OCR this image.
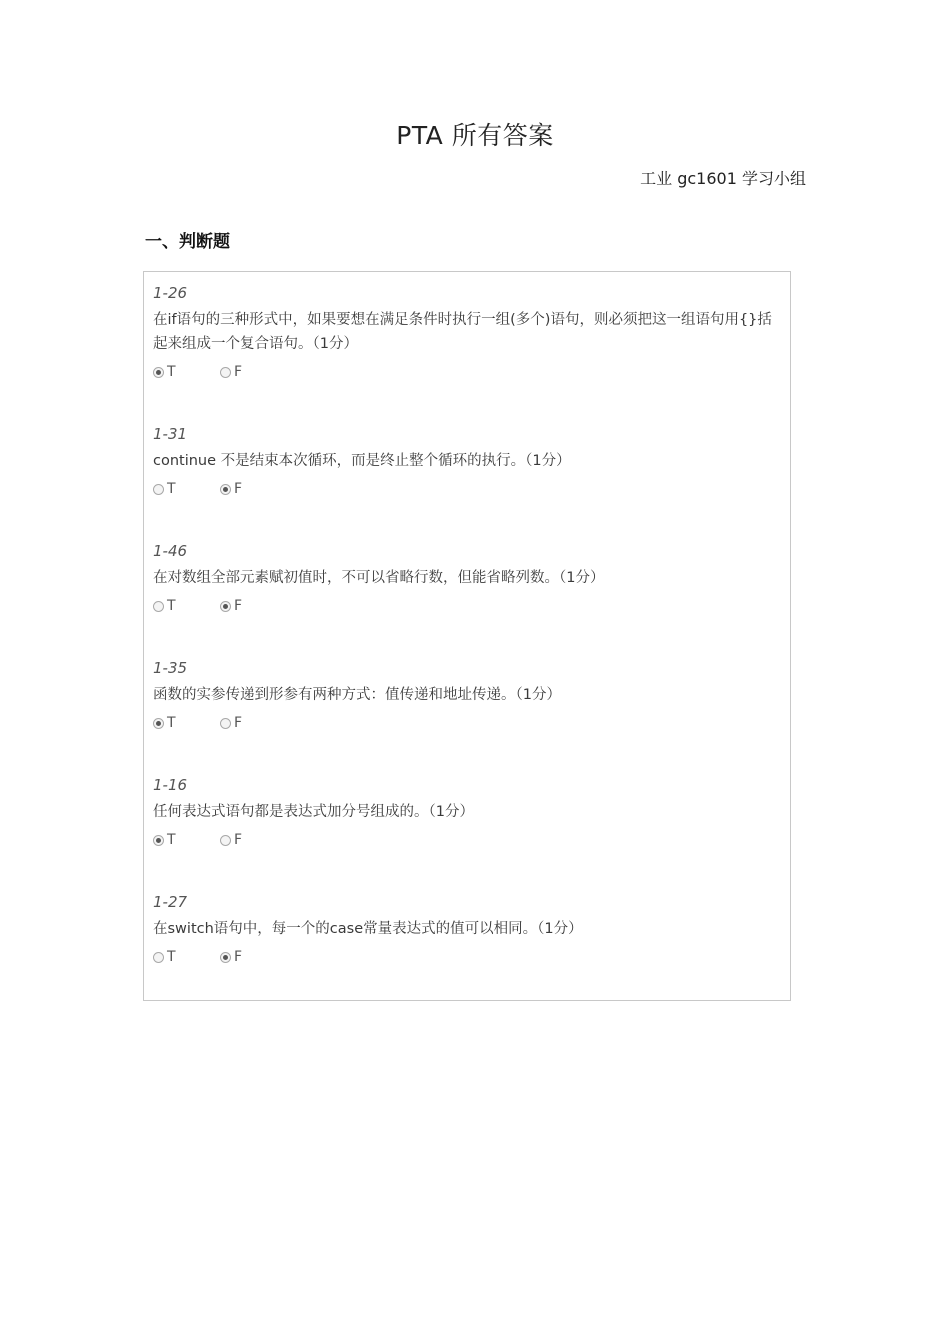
PTA 所有答案
工业 gc1601 学习小组
一、判断题
1-26
在if语句的三种形式中，如果要想在满足条件时执行一组(多个)语句，则必须把这一组语句用{}括起来组成一个复合语句。（1分）
T	F
1-31
continue 不是结束本次循环，而是终止整个循环的执行。（1分）
T	F
1-46
在对数组全部元素赋初值时，不可以省略行数，但能省略列数。（1分）
T	F
1-35
函数的实参传递到形参有两种方式：值传递和地址传递。（1分）
T	F
1-16
任何表达式语句都是表达式加分号组成的。（1分）
T	F
1-27
在switch语句中，每一个的case常量表达式的值可以相同。（1分）
T	F
